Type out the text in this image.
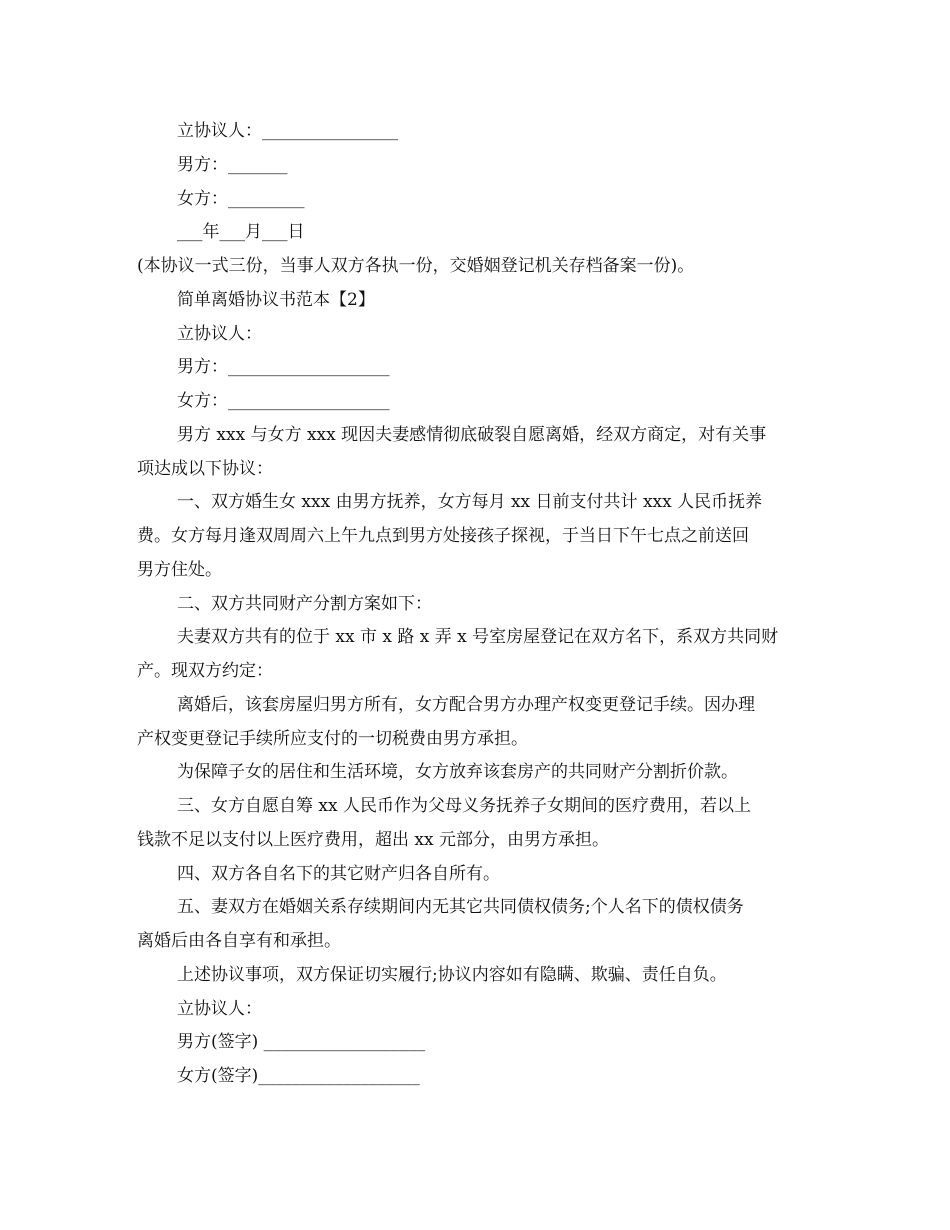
立协议人：________________
男方：_______
女方：_________
___年___月___日
(本协议一式三份，当事人双方各执一份，交婚姻登记机关存档备案一份)。
简单离婚协议书范本【2】
立协议人：
男方：___________________
女方：___________________
男方 xxx 与女方 xxx 现因夫妻感情彻底破裂自愿离婚，经双方商定，对有关事
项达成以下协议：
一、双方婚生女 xxx 由男方抚养，女方每月 xx 日前支付共计 xxx 人民币抚养
费。女方每月逢双周周六上午九点到男方处接孩子探视，于当日下午七点之前送回
男方住处。
二、双方共同财产分割方案如下：
夫妻双方共有的位于 xx 市 x 路 x 弄 x 号室房屋登记在双方名下，系双方共同财
产。现双方约定：
离婚后，该套房屋归男方所有，女方配合男方办理产权变更登记手续。因办理
产权变更登记手续所应支付的一切税费由男方承担。
为保障子女的居住和生活环境，女方放弃该套房产的共同财产分割折价款。
三、女方自愿自筹 xx 人民币作为父母义务抚养子女期间的医疗费用，若以上
钱款不足以支付以上医疗费用，超出 xx 元部分，由男方承担。
四、双方各自名下的其它财产归各自所有。
五、妻双方在婚姻关系存续期间内无其它共同债权债务;个人名下的债权债务
离婚后由各自享有和承担。
上述协议事项，双方保证切实履行;协议内容如有隐瞒、欺骗、责任自负。
立协议人：
男方(签字) ___________________
女方(签字)___________________
